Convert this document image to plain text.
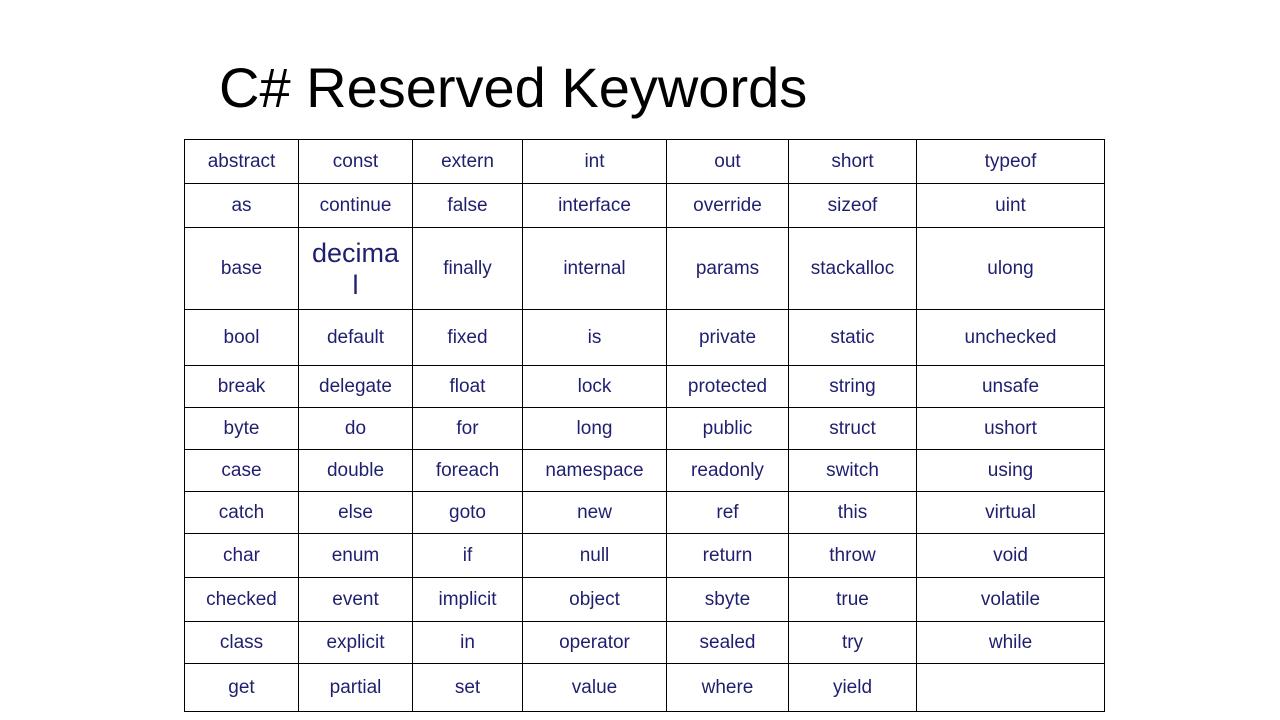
C# Reserved Keywords
abstract	const	extern	int	out	short	typeof
as	continue	false	interface	override	sizeof	uint
base	decimal	finally	internal	params	stackalloc	ulong
bool	default	fixed	is	private	static	unchecked
break	delegate	float	lock	protected	string	unsafe
byte	do	for	long	public	struct	ushort
case	double	foreach	namespace	readonly	switch	using
catch	else	goto	new	ref	this	virtual
char	enum	if	null	return	throw	void
checked	event	implicit	object	sbyte	true	volatile
class	explicit	in	operator	sealed	try	while
get	partial	set	value	where	yield	
